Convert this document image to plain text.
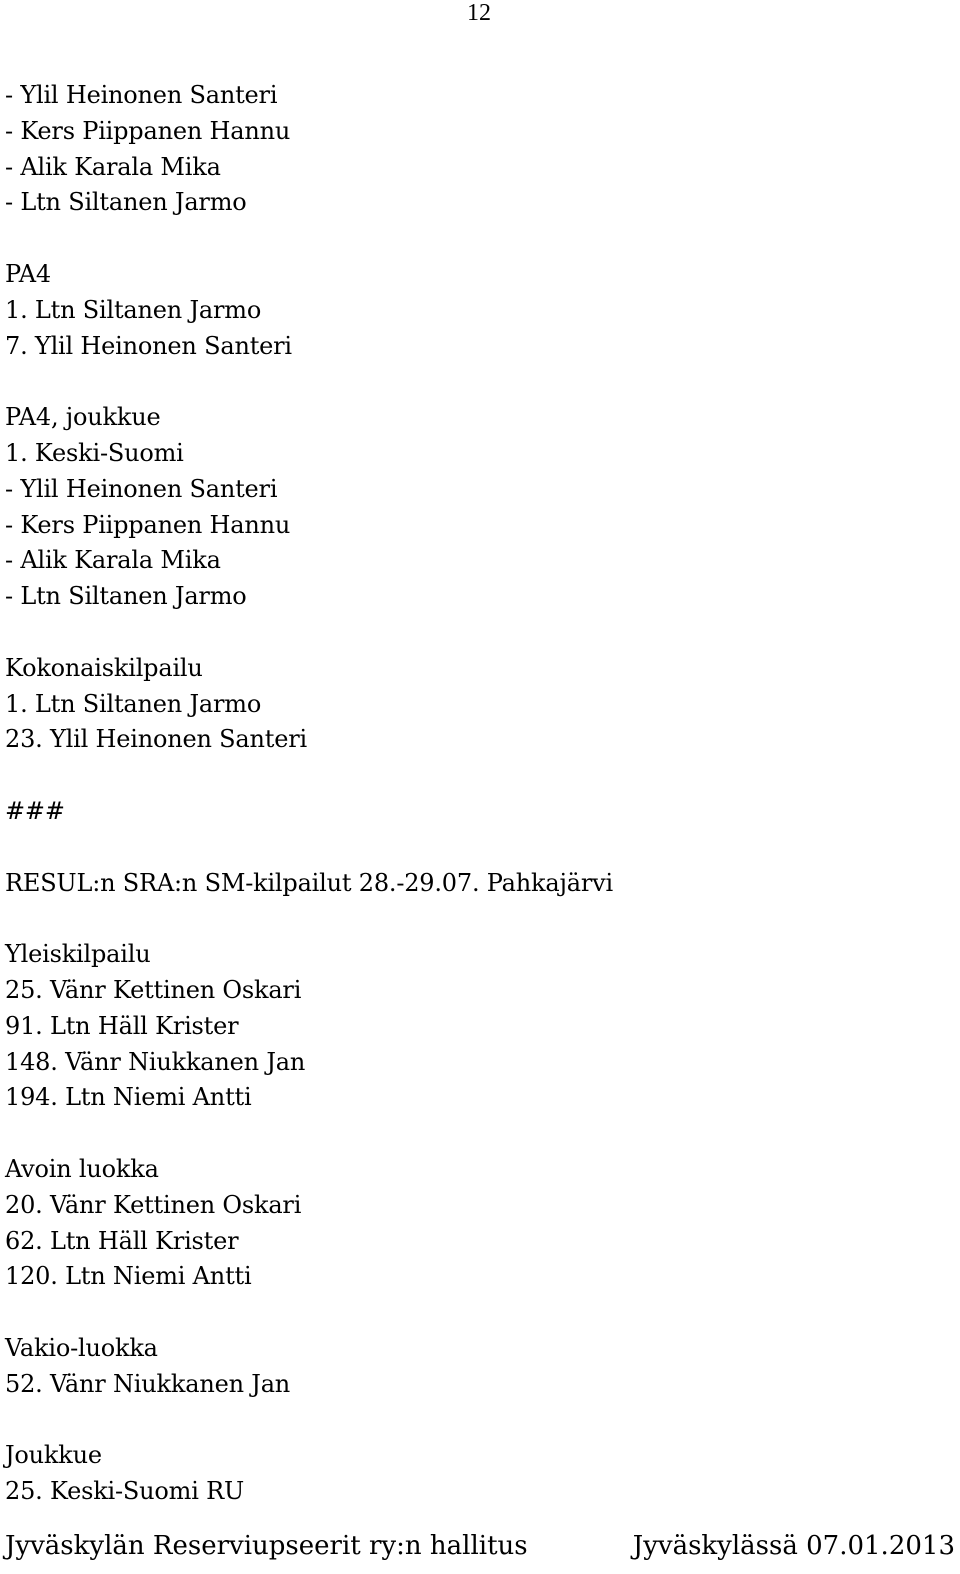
12
- Ylil Heinonen Santeri
- Kers Piippanen Hannu
- Alik Karala Mika
- Ltn Siltanen Jarmo
PA4
1. Ltn Siltanen Jarmo
7. Ylil Heinonen Santeri
PA4, joukkue
1. Keski-Suomi
- Ylil Heinonen Santeri
- Kers Piippanen Hannu
- Alik Karala Mika
- Ltn Siltanen Jarmo
Kokonaiskilpailu
1. Ltn Siltanen Jarmo
23. Ylil Heinonen Santeri
###
RESUL:n SRA:n SM-kilpailut 28.-29.07. Pahkajärvi
Yleiskilpailu
25. Vänr Kettinen Oskari
91. Ltn Häll Krister
148. Vänr Niukkanen Jan
194. Ltn Niemi Antti
Avoin luokka
20. Vänr Kettinen Oskari
62. Ltn Häll Krister
120. Ltn Niemi Antti
Vakio-luokka
52. Vänr Niukkanen Jan
Joukkue
25. Keski-Suomi RU
Jyväskylän Reserviupseerit ry:n hallitus	Jyväskylässä 07.01.2013
